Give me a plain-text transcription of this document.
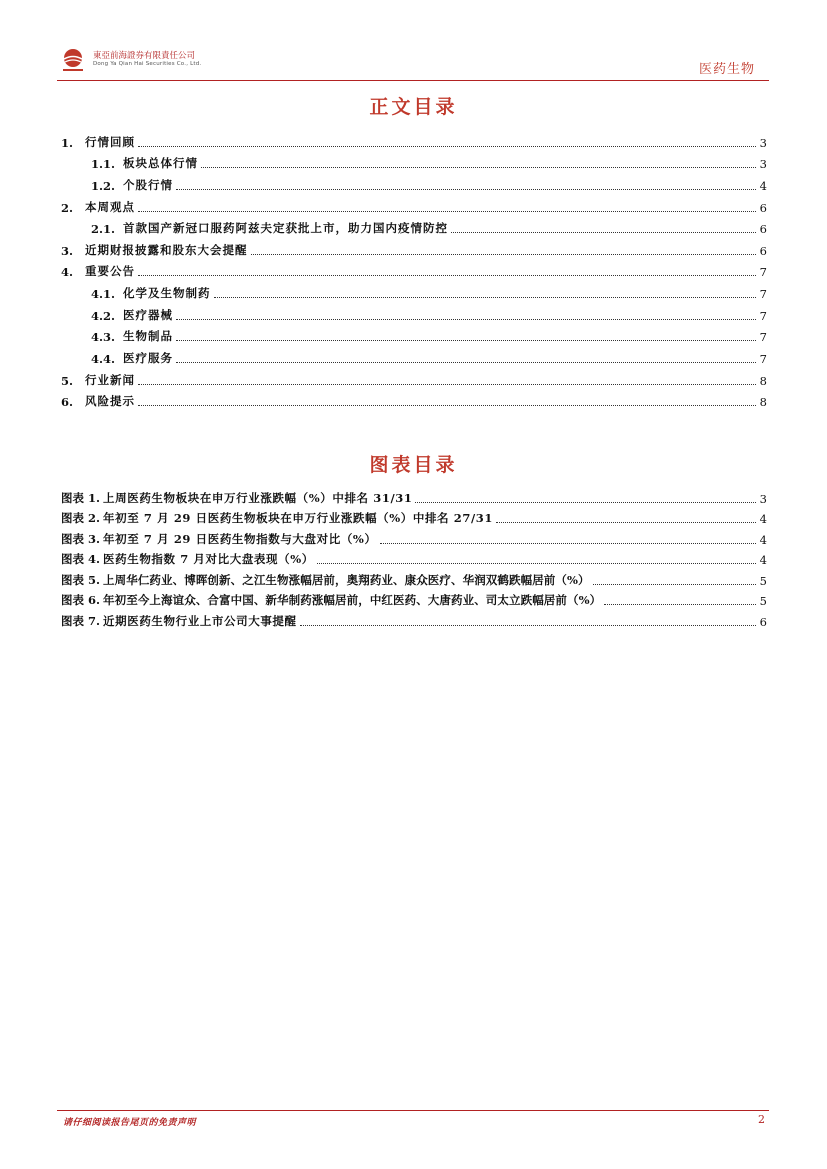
東亞前海證券有限責任公司
Dong Ya Qian Hai Securities Co., Ltd.	医药生物
正文目录
1.	行情回顾	3
1.1. 板块总体行情	3
1.2. 个股行情	4
2.	本周观点	6
2.1. 首款国产新冠口服药阿兹夫定获批上市，助力国内疫情防控	6
3.	近期财报披露和股东大会提醒	6
4.	重要公告	7
4.1. 化学及生物制药	7
4.2. 医疗器械	7
4.3. 生物制品	7
4.4. 医疗服务	7
5.	行业新闻	8
6.	风险提示	8
图表目录
图表 1. 上周医药生物板块在申万行业涨跌幅（%）中排名 31/31	3
图表 2. 年初至 7 月 29 日医药生物板块在申万行业涨跌幅（%）中排名 27/31	4
图表 3. 年初至 7 月 29 日医药生物指数与大盘对比（%）	4
图表 4. 医药生物指数 7 月对比大盘表现（%）	4
图表 5. 上周华仁药业、博晖创新、之江生物涨幅居前，奥翔药业、康众医疗、华润双鹤跌幅居前（%）	5
图表 6. 年初至今上海谊众、合富中国、新华制药涨幅居前，中红医药、大唐药业、司太立跌幅居前（%）	5
图表 7. 近期医药生物行业上市公司大事提醒	6
请仔细阅读报告尾页的免责声明	2
